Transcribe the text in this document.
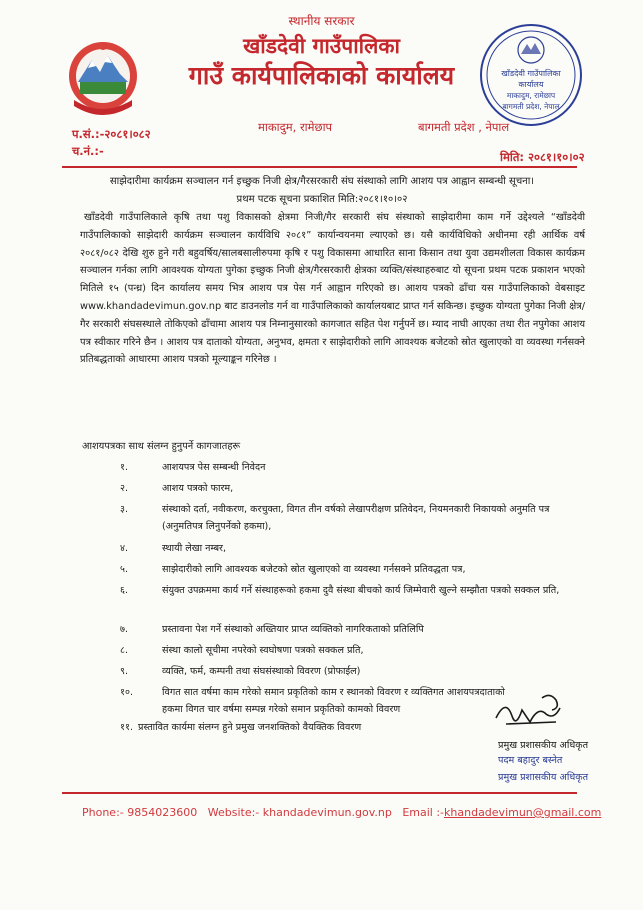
खाँडदेवी गाउँपालिका
कार्यालय
माकादुम, रामेछाप
बागमती प्रदेश, नेपाल
स्थानीय सरकार
खाँडदेवी गाउँपालिका
गाउँ कार्यपालिकाको कार्यालय
माकादुम, रामेछाप	बागमती प्रदेश , नेपाल
प.सं.:-२०८१।०८२
च.नं.:-	मिति: २०८१।१०।०२
साझेदारीमा कार्यक्रम सञ्चालन गर्न इच्छुक निजी क्षेत्र/गैरसरकारी संघ संस्थाको लागि आशय पत्र आह्वान सम्बन्धी सूचना।
प्रथम पटक सूचना प्रकाशित मिति:२०८१।१०।०२
खाँडदेवी गाउँपालिकाले कृषि तथा पशु विकासको क्षेत्रमा निजी/गैर सरकारी संघ संस्थाको साझेदारीमा काम गर्ने उद्देश्यले “खाँडदेवी गाउँपालिकाको साझेदारी कार्यक्रम सञ्चालन कार्यविधि २०८१” कार्यान्वयनमा ल्याएको छ। यसै कार्यविधिको अधीनमा रही आर्थिक वर्ष २०८१/०८२ देखि शुरु हुने गरी बहुवर्षिय/सालबसालीरुपमा कृषि र पशु विकासमा आधारित साना किसान तथा युवा उद्यमशीलता विकास कार्यक्रम सञ्चालन गर्नका लागि आवश्यक योग्यता पुगेका इच्छुक निजी क्षेत्र/गैरसरकारी क्षेत्रका व्यक्ति/संस्थाहरुबाट यो सूचना प्रथम पटक प्रकाशन भएको मितिले १५ (पन्ध्र) दिन कार्यालय समय भित्र आशय पत्र पेस गर्न आह्वान गरिएको छ। आशय पत्रको ढाँचा यस गाउँपालिकाको वेबसाइट www.khandadevimun.gov.np बाट डाउनलोड गर्न वा गाउँपालिकाको कार्यालयबाट प्राप्त गर्न सकिन्छ। इच्छुक योग्यता पुगेका निजी क्षेत्र/गैर सरकारी संघसस्थाले तोकिएको ढाँचामा आशय पत्र निम्नानुसारको कागजात सहित पेश गर्नुपर्ने छ। म्याद नाघी आएका तथा रीत नपुगेका आशय पत्र स्वीकार गरिने छैन । आशय पत्र दाताको योग्यता, अनुभव, क्षमता र साझेदारीको लागि आवश्यक बजेटको स्रोत खुलाएको वा व्यवस्था गर्नसक्ने प्रतिबद्धताको आधारमा आशय पत्रको मूल्याङ्कन गरिनेछ ।
आशयपत्रका साथ संलग्न हुनुपर्ने कागजातहरू
१.	आशयपत्र पेस सम्बन्धी निवेदन
२.	आशय पत्रको फारम,
३.	संस्थाको दर्ता, नवीकरण, करचुक्ता, विगत तीन वर्षको लेखापरीक्षण प्रतिवेदन, नियमनकारी निकायको अनुमति पत्र (अनुमतिपत्र लिनुपर्नेको हकमा),
४.	स्थायी लेखा नम्बर,
५.	साझेदारीको लागि आवश्यक बजेटको स्रोत खुलाएको वा व्यवस्था गर्नसक्ने प्रतिवद्धता पत्र,
६.	संयुक्त उपक्रममा कार्य गर्ने संस्थाहरूको हकमा दुवै संस्था बीचको कार्य जिम्मेवारी खुल्ने सम्झौता पत्रको सक्कल प्रति,
७.	प्रस्तावना पेश गर्ने संस्थाको अख्तियार प्राप्त व्यक्तिको नागरिकताको प्रतिलिपि
८.	संस्था कालो सूचीमा नपरेको स्वघोषणा पत्रको सक्कल प्रति,
९.	व्यक्ति, फर्म, कम्पनी तथा संघसंस्थाको विवरण (प्रोफाईल)
१०.	विगत सात वर्षमा काम गरेको समान प्रकृतिको काम र स्थानको विवरण र व्यक्तिगत आशयपत्रदाताको हकमा विगत चार वर्षमा सम्पन्न गरेको समान प्रकृतिको कामको विवरण
११. प्रस्तावित कार्यमा संलग्न हुने प्रमुख जनशक्तिको वैयक्तिक विवरण
प्रमुख प्रशासकीय अधिकृत
पदम बहादुर बस्नेत
प्रमुख प्रशासकीय अधिकृत
Phone:- 9854023600 Website:- khandadevimun.gov.np Email :-khandadevimun@gmail.com
